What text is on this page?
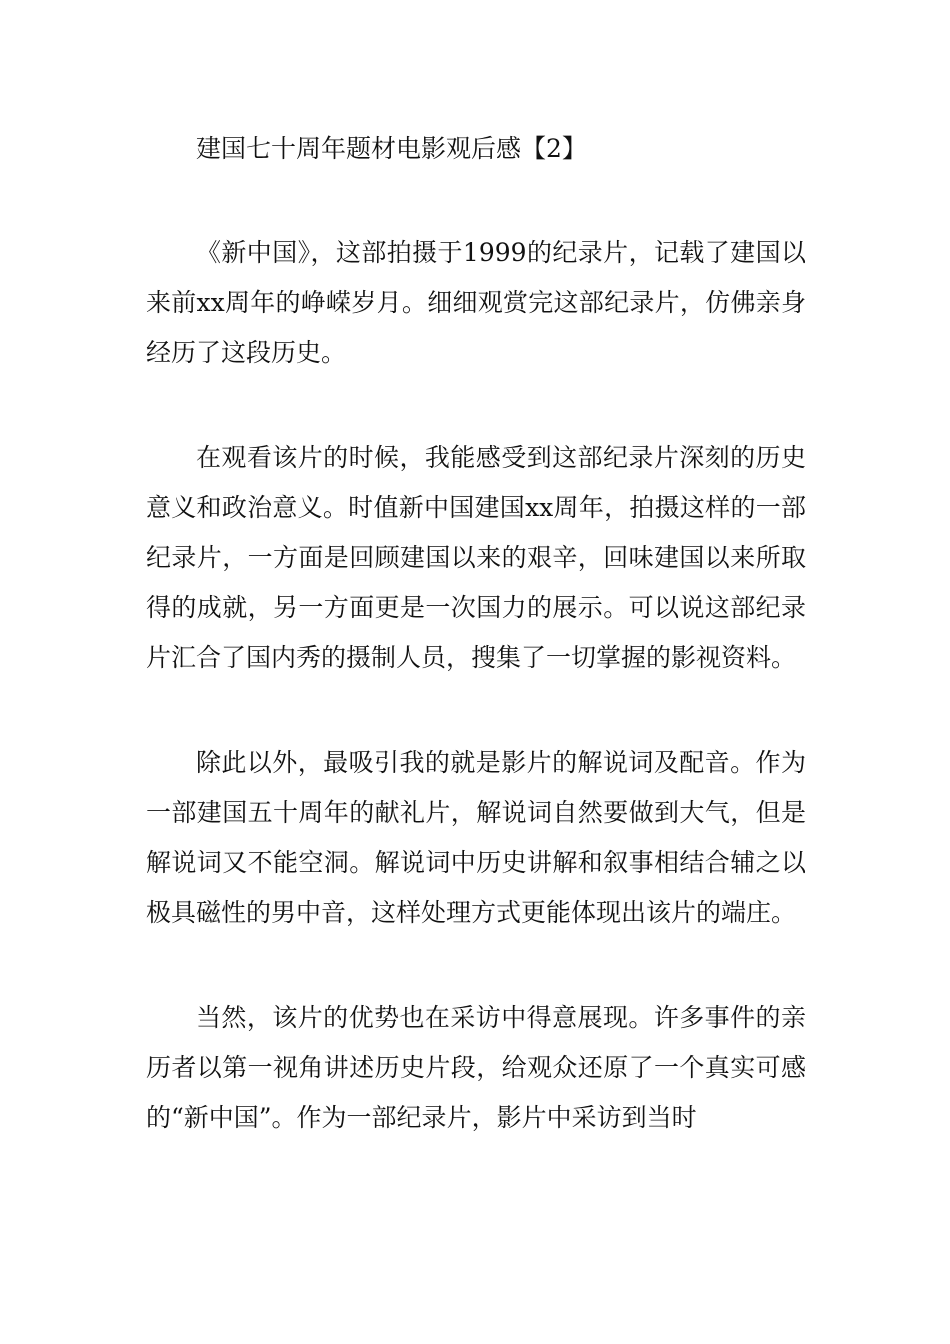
建国七十周年题材电影观后感【2】

《新中国》，这部拍摄于1999的纪录片，记载了建国以来前xx周年的峥嵘岁月。细细观赏完这部纪录片，仿佛亲身经历了这段历史。

在观看该片的时候，我能感受到这部纪录片深刻的历史意义和政治意义。时值新中国建国xx周年，拍摄这样的一部纪录片，一方面是回顾建国以来的艰辛，回味建国以来所取得的成就，另一方面更是一次国力的展示。可以说这部纪录片汇合了国内秀的摄制人员，搜集了一切掌握的影视资料。

除此以外，最吸引我的就是影片的解说词及配音。作为一部建国五十周年的献礼片，解说词自然要做到大气，但是解说词又不能空洞。解说词中历史讲解和叙事相结合辅之以极具磁性的男中音，这样处理方式更能体现出该片的端庄。

当然，该片的优势也在采访中得意展现。许多事件的亲历者以第一视角讲述历史片段，给观众还原了一个真实可感的“新中国”。作为一部纪录片，影片中采访到当时
